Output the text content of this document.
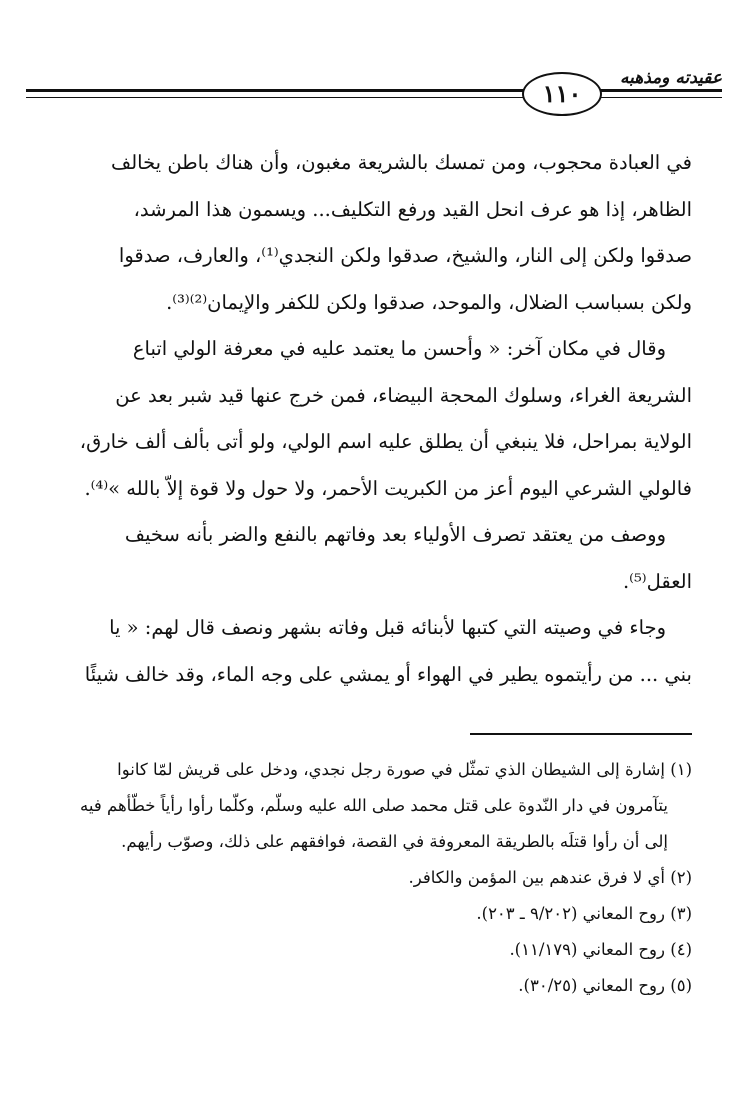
عقيدته ومذهبه
١١٠

في العبادة محجوب، ومن تمسك بالشريعة مغبون، وأن هناك باطن يخالف

الظاهر، إذا هو عرف انحل القيد ورفع التكليف... ويسمون هذا المرشد،

صدقوا ولكن إلى النار، والشيخ، صدقوا ولكن النجدي⁽¹⁾، والعارف، صدقوا

ولكن بسباسب الضلال، والموحد، صدقوا ولكن للكفر والإيمان⁽²⁾⁽³⁾.

وقال في مكان آخر: « وأحسن ما يعتمد عليه في معرفة الولي اتباع

الشريعة الغراء، وسلوك المحجة البيضاء، فمن خرج عنها قيد شبر بعد عن

الولاية بمراحل، فلا ينبغي أن يطلق عليه اسم الولي، ولو أتى بألف ألف خارق،

فالولي الشرعي اليوم أعز من الكبريت الأحمر، ولا حول ولا قوة إلاّ بالله »⁽⁴⁾.

ووصف من يعتقد تصرف الأولياء بعد وفاتهم بالنفع والضر بأنه سخيف

العقل⁽⁵⁾.

وجاء في وصيته التي كتبها لأبنائه قبل وفاته بشهر ونصف قال لهم: « يا

بني ... من رأيتموه يطير في الهواء أو يمشي على وجه الماء، وقد خالف شيئًا

(١) إشارة إلى الشيطان الذي تمثّل في صورة رجل نجدي، ودخل على قريش لمّا كانوا

يتآمرون في دار النّدوة على قتل محمد صلى الله عليه وسلّم، وكلّما رأوا رأياً خطّأهم فيه

إلى أن رأوا قتلَه بالطريقة المعروفة في القصة، فوافقهم على ذلك، وصوّب رأيهم.

(٢) أي لا فرق عندهم بين المؤمن والكافر.

(٣) روح المعاني (٩/٢٠٢ ـ ٢٠٣).

(٤) روح المعاني (١١/١٧٩).

(٥) روح المعاني (٣٠/٢٥).
